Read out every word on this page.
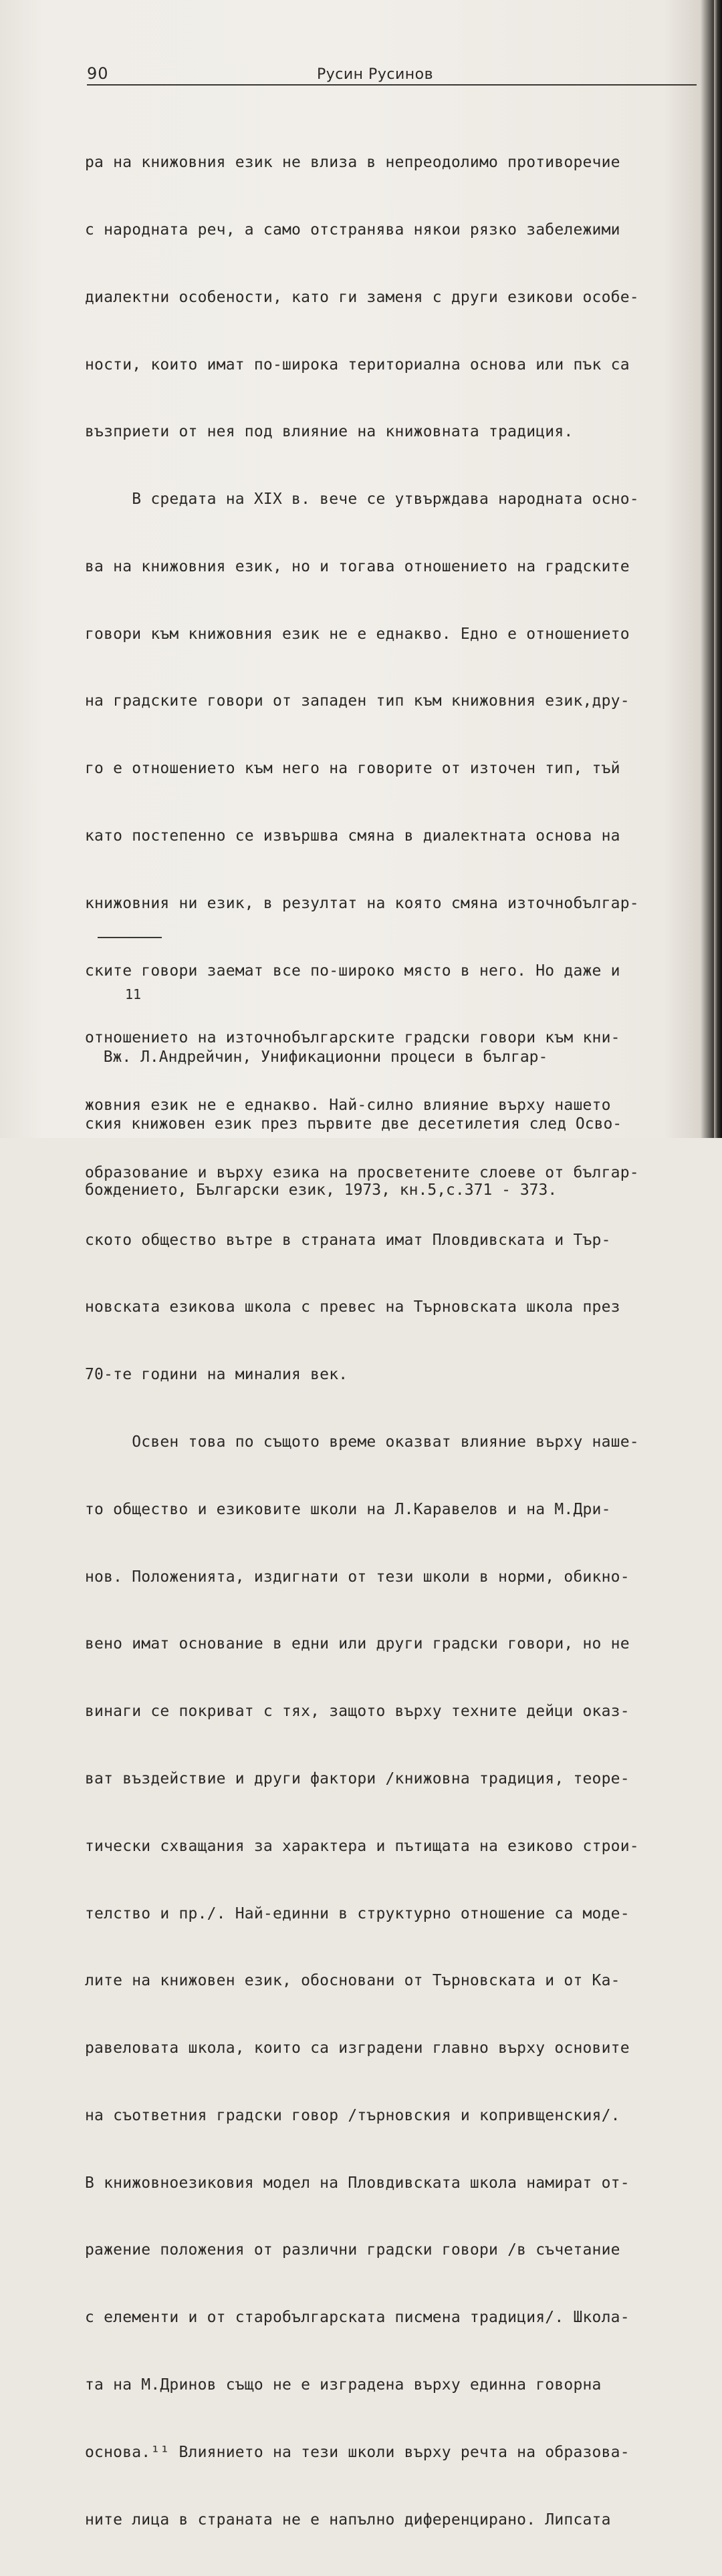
90	Русин Русинов

ра на книжовния език не влиза в непреодолимо противоречие

с народната реч, а само отстранява някои рязко забележими

диалектни особености, като ги заменя с други езикови особе-

ности, които имат по-широка териториална основа или пък са

възприети от нея под влияние на книжовната традиция.

В средата на XIX в. вече се утвърждава народната осно-

ва на книжовния език, но и тогава отношението на градските

говори към книжовния език не е еднакво. Едно е отношението

на градските говори от западен тип към книжовния език,дру-

го е отношението към него на говорите от източен тип, тъй

като постепенно се извършва смяна в диалектната основа на

книжовния ни език, в резултат на която смяна източнобългар-

ските говори заемат все по-широко място в него. Но даже и

отношението на източнобългарските градски говори към кни-

жовния език не е еднакво. Най-силно влияние върху нашето

образование и върху езика на просветените слоеве от българ-

ското общество вътре в страната имат Пловдивската и Тър-

новската езикова школа с превес на Търновската школа през

70-те години на миналия век.

Освен това по същото време оказват влияние върху наше-

то общество и езиковите школи на Л.Каравелов и на М.Дри-

нов. Положенията, издигнати от тези школи в норми, обикно-

вено имат основание в едни или други градски говори, но не

винаги се покриват с тях, защото върху техните дейци оказ-

ват въздействие и други фактори /книжовна традиция, теоре-

тически схващания за характера и пътищата на езиково строи-

телство и пр./. Най-единни в структурно отношение са моде-

лите на книжовен език, обосновани от Търновската и от Ка-

равеловата школа, които са изградени главно върху основите

на съответния градски говор /търновския и копривщенския/.

В книжовноезиковия модел на Пловдивската школа намират от-

ражение положения от различни градски говори /в съчетание

с елементи и от старобългарската писмена традиция/. Школа-

та на М.Дринов също не е изградена върху единна говорна

основа.¹¹ Влиянието на тези школи върху речта на образова-

ните лица в страната не е напълно диференцирано. Липсата

11

Вж. Л.Андрейчин, Унификационни процеси в българ-

ския книжовен език през първите две десетилетия след Осво-

бождението, Български език, 1973, кн.5,с.371 - 373.
